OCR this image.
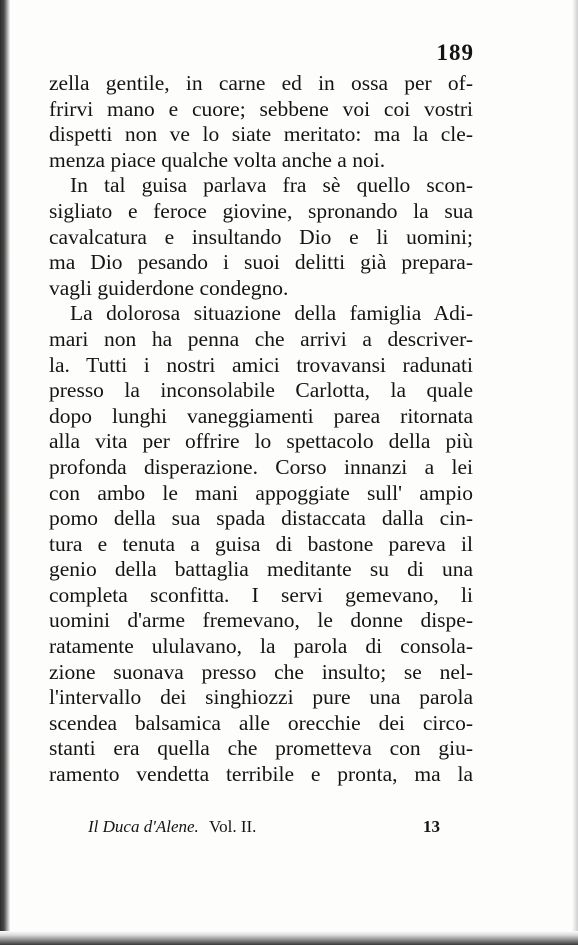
189
zella gentile, in carne ed in ossa per of-
frirvi mano e cuore; sebbene voi coi vostri
dispetti non ve lo siate meritato: ma la cle-
menza piace qualche volta anche a noi.
In tal guisa parlava fra sè quello scon-
sigliato e feroce giovine, spronando la sua
cavalcatura e insultando Dio e li uomini;
ma Dio pesando i suoi delitti già prepara-
vagli guiderdone condegno.
La dolorosa situazione della famiglia Adi-
mari non ha penna che arrivi a descriver-
la. Tutti i nostri amici trovavansi radunati
presso la inconsolabile Carlotta, la quale
dopo lunghi vaneggiamenti parea ritornata
alla vita per offrire lo spettacolo della più
profonda disperazione. Corso innanzi a lei
con ambo le mani appoggiate sull' ampio
pomo della sua spada distaccata dalla cin-
tura e tenuta a guisa di bastone pareva il
genio della battaglia meditante su di una
completa sconfitta. I servi gemevano, li
uomini d'arme fremevano, le donne dispe-
ratamente ululavano, la parola di consola-
zione suonava presso che insulto; se nel-
l'intervallo dei singhiozzi pure una parola
scendea balsamica alle orecchie dei circo-
stanti era quella che prometteva con giu-
ramento vendetta terribile e pronta, ma la
Il Duca d'Alene. Vol. II.	13
